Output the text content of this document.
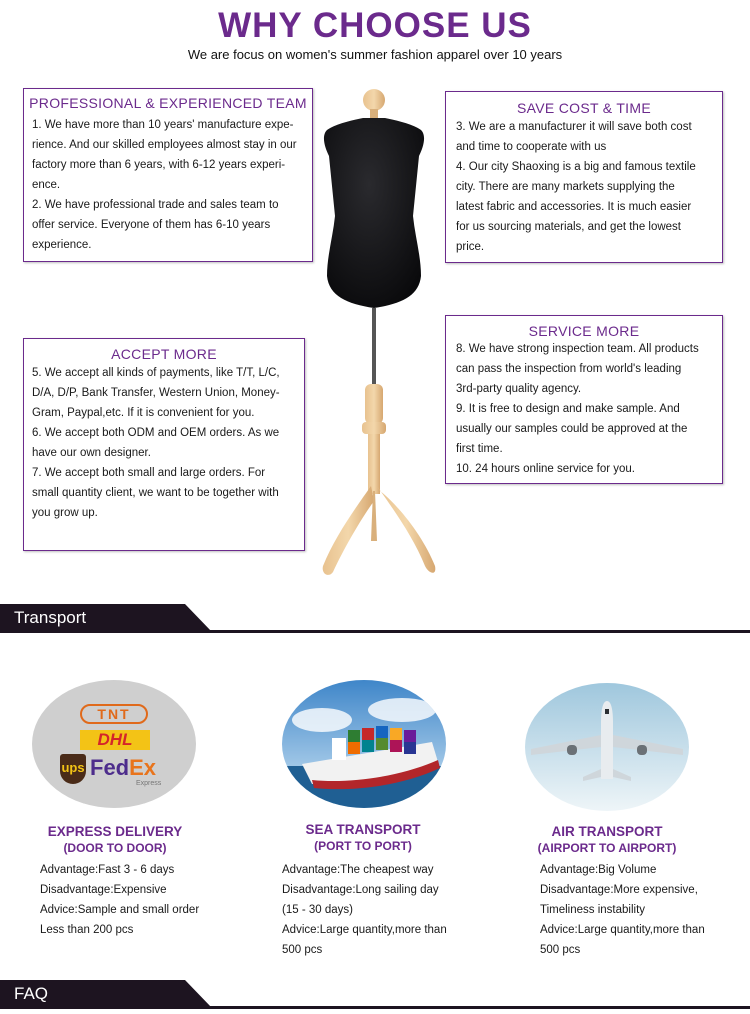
WHY CHOOSE US
We are focus on women's summer fashion apparel over 10 years
PROFESSIONAL & EXPERIENCED TEAM

1. We have more than 10 years' manufacture expe-

rience. And our skilled employees almost stay in our

factory more than 6 years, with 6-12 years experi-

ence.

2. We have professional trade and sales team to

offer service. Everyone of them has 6-10 years

experience.

SAVE COST & TIME

3. We are a manufacturer it will save both cost

and time to cooperate with us

4. Our city Shaoxing is a big and famous textile

city. There are many markets supplying the

latest fabric and accessories. It is much easier

for us sourcing materials, and get the lowest

price.

ACCEPT MORE

5. We accept all kinds of payments, like T/T, L/C,

D/A, D/P, Bank Transfer, Western Union, Money-

Gram, Paypal,etc. If it is convenient for you.

6. We accept both ODM and OEM orders. As we

have our own designer.

7. We accept both small and large orders. For

small quantity client, we want to be together with

you grow up.

SERVICE MORE

8. We have strong inspection team. All products

can pass the inspection from world's leading

3rd-party quality agency.

9. It is free to design and make sample. And

usually our samples could be approved at the

first time.

10. 24 hours online service for you.

Transport
TNT
DHL
ups FedEx
Express
EXPRESS DELIVERY
(DOOR TO DOOR)

Advantage:Fast 3 - 6 days

Disadvantage:Expensive

Advice:Sample and small order

Less than 200 pcs

SEA TRANSPORT
(PORT TO PORT)

Advantage:The cheapest way

Disadvantage:Long sailing day

(15 - 30 days)

Advice:Large quantity,more than

500 pcs

AIR TRANSPORT
(AIRPORT TO AIRPORT)

Advantage:Big Volume

Disadvantage:More expensive,

Timeliness instability

Advice:Large quantity,more than

500 pcs

FAQ
